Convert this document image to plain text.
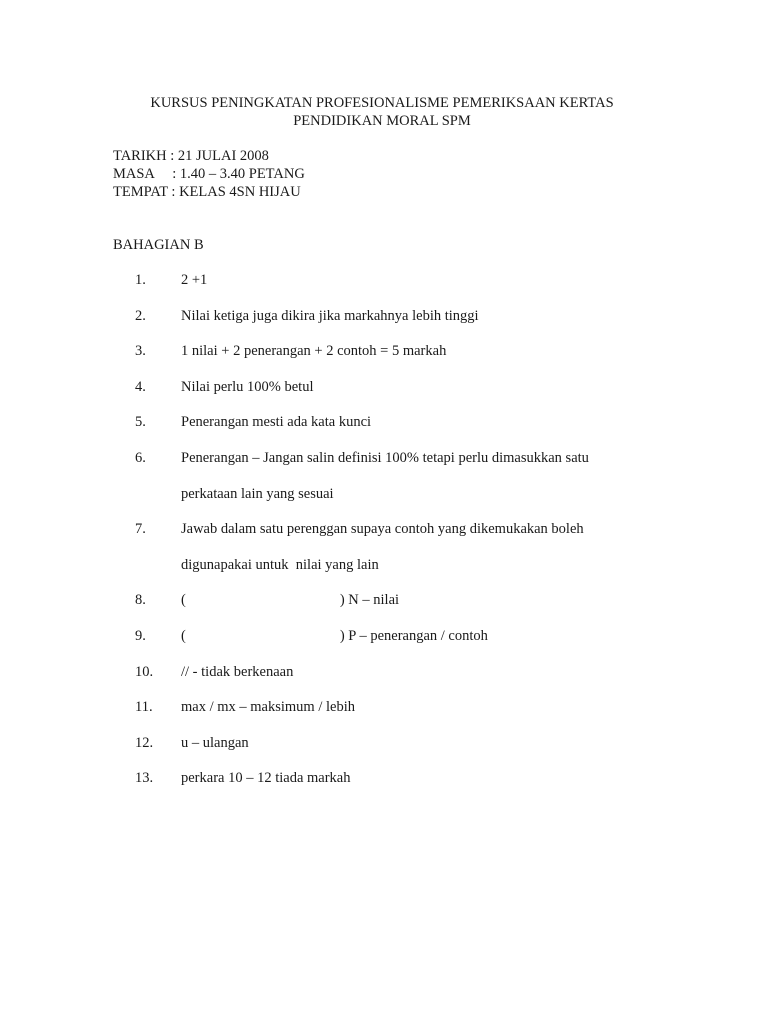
KURSUS PENINGKATAN PROFESIONALISME PEMERIKSAAN KERTAS
PENDIDIKAN MORAL SPM
TARIKH : 21 JULAI 2008
MASA     : 1.40 – 3.40 PETANG
TEMPAT : KELAS 4SN HIJAU
BAHAGIAN B
1. 2 +1
2. Nilai ketiga juga dikira jika markahnya lebih tinggi
3. 1 nilai + 2 penerangan + 2 contoh = 5 markah
4. Nilai perlu 100% betul
5. Penerangan mesti ada kata kunci
6. Penerangan – Jangan salin definisi 100% tetapi perlu dimasukkan satu
perkataan lain yang sesuai
7. Jawab dalam satu perenggan supaya contoh yang dikemukakan boleh
digunapakai untuk  nilai yang lain
8. (	) N – nilai
9. (	) P – penerangan / contoh
10. // - tidak berkenaan
11. max / mx – maksimum / lebih
12. u – ulangan
13. perkara 10 – 12 tiada markah
